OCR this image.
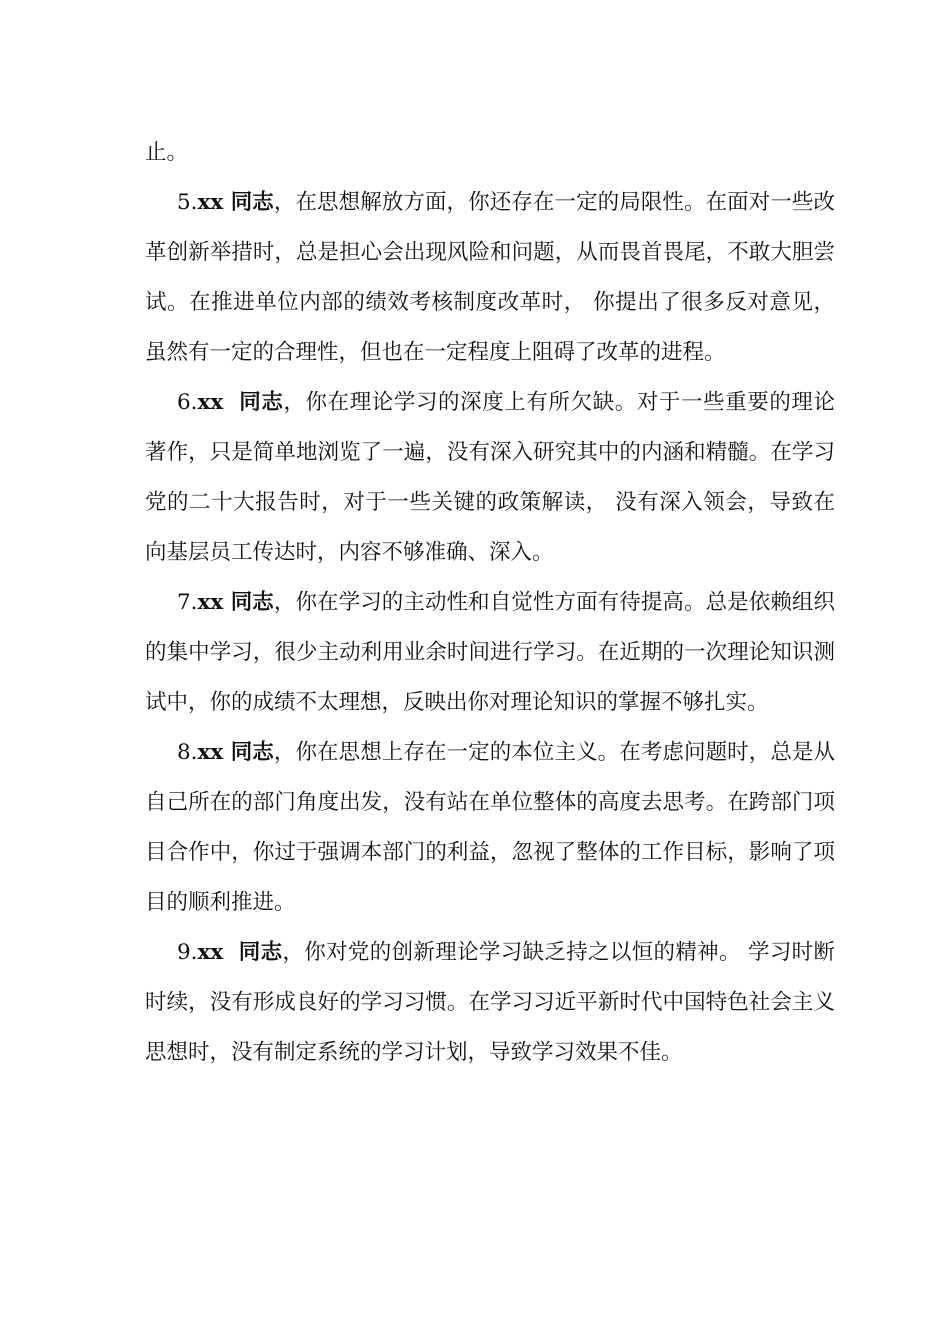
止。

5.xx 同志，在思想解放方面，你还存在一定的局限性。在面对一些改革创新举措时，总是担心会出现风险和问题，从而畏首畏尾，不敢大胆尝试。在推进单位内部的绩效考核制度改革时， 你提出了很多反对意见，虽然有一定的合理性，但也在一定程度上阻碍了改革的进程。

6.xx  同志，你在理论学习的深度上有所欠缺。对于一些重要的理论著作，只是简单地浏览了一遍，没有深入研究其中的内涵和精髓。在学习党的二十大报告时，对于一些关键的政策解读， 没有深入领会，导致在向基层员工传达时，内容不够准确、深入。

7.xx 同志，你在学习的主动性和自觉性方面有待提高。总是依赖组织的集中学习，很少主动利用业余时间进行学习。在近期的一次理论知识测试中，你的成绩不太理想，反映出你对理论知识的掌握不够扎实。

8.xx 同志，你在思想上存在一定的本位主义。在考虑问题时，总是从自己所在的部门角度出发，没有站在单位整体的高度去思考。在跨部门项目合作中，你过于强调本部门的利益，忽视了整体的工作目标，影响了项目的顺利推进。

9.xx  同志，你对党的创新理论学习缺乏持之以恒的精神。 学习时断时续，没有形成良好的学习习惯。在学习习近平新时代中国特色社会主义思想时，没有制定系统的学习计划，导致学习效果不佳。
